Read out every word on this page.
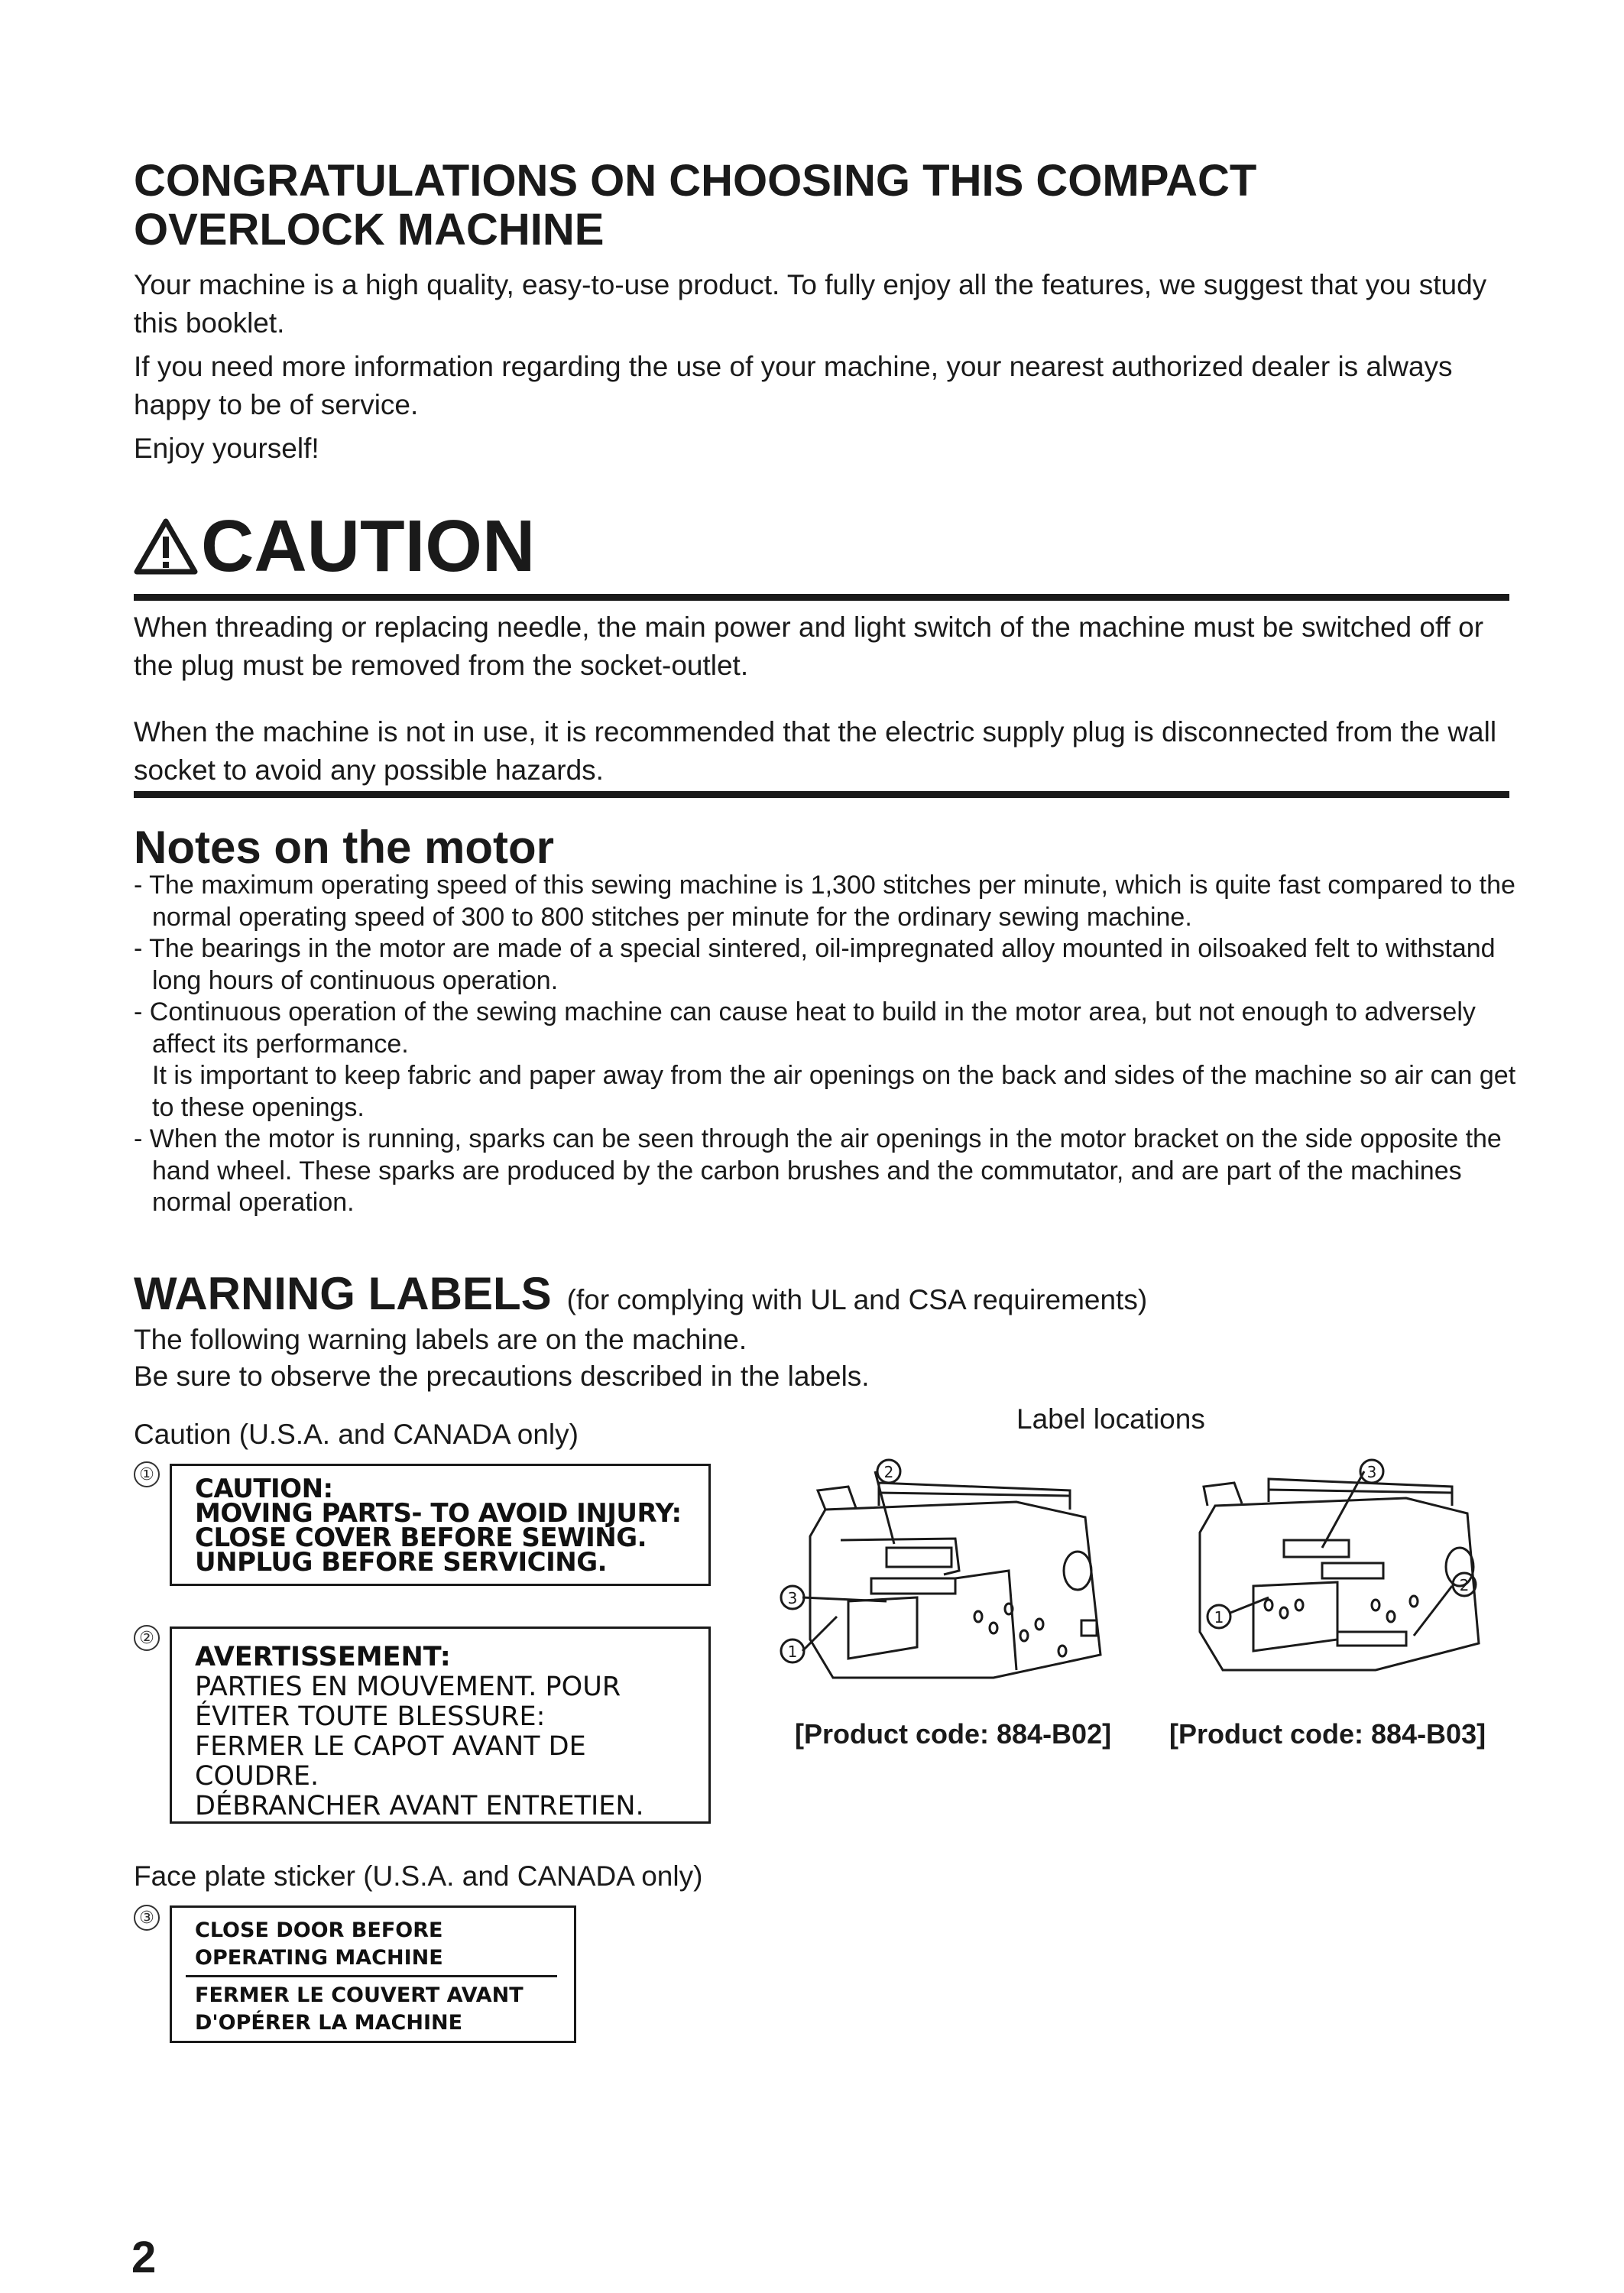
CONGRATULATIONS ON CHOOSING THIS COMPACT
OVERLOCK MACHINE
Your machine is a high quality, easy-to-use product. To fully enjoy all the features, we suggest that you study this booklet.
If you need more information regarding the use of your machine, your nearest authorized dealer is always happy to be of service.
Enjoy yourself!
CAUTION
When threading or replacing needle, the main power and light switch of the machine must be switched off or the plug must be removed from the socket-outlet.
When the machine is not in use, it is recommended that the electric supply plug is disconnected from the wall socket to avoid any possible hazards.
Notes on the motor
- The maximum operating speed of this sewing machine is 1,300 stitches per minute, which is quite fast compared to the normal operating speed of 300 to 800 stitches per minute for the ordinary sewing machine.
- The bearings in the motor are made of a special sintered, oil-impregnated alloy mounted in oilsoaked felt to withstand long hours of continuous operation.
- Continuous operation of the sewing machine can cause heat to build in the motor area, but not enough to adversely affect its performance.
It is important to keep fabric and paper away from the air openings on the back and sides of the machine so air can get to these openings.
- When the motor is running, sparks can be seen through the air openings in the motor bracket on the side opposite the hand wheel. These sparks are produced by the carbon brushes and the commutator, and are part of the machines normal operation.
WARNING LABELS (for complying with UL and CSA requirements)
The following warning labels are on the machine.
Be sure to observe the precautions described in the labels.
Caution (U.S.A. and CANADA only)	Label locations
① CAUTION:
MOVING PARTS- TO AVOID INJURY:
CLOSE COVER BEFORE SEWING.
UNPLUG BEFORE SERVICING.
②
AVERTISSEMENT:
PARTIES EN MOUVEMENT. POUR
ÉVITER TOUTE BLESSURE:
FERMER LE CAPOT AVANT DE
COUDRE.
DÉBRANCHER AVANT ENTRETIEN.
Face plate sticker (U.S.A. and CANADA only)
③
CLOSE DOOR BEFORE
OPERATING MACHINE
FERMER LE COUVERT AVANT
D'OPÉRER LA MACHINE
2
3
1
3
1
2
[Product code: 884-B02] [Product code: 884-B03]
2
